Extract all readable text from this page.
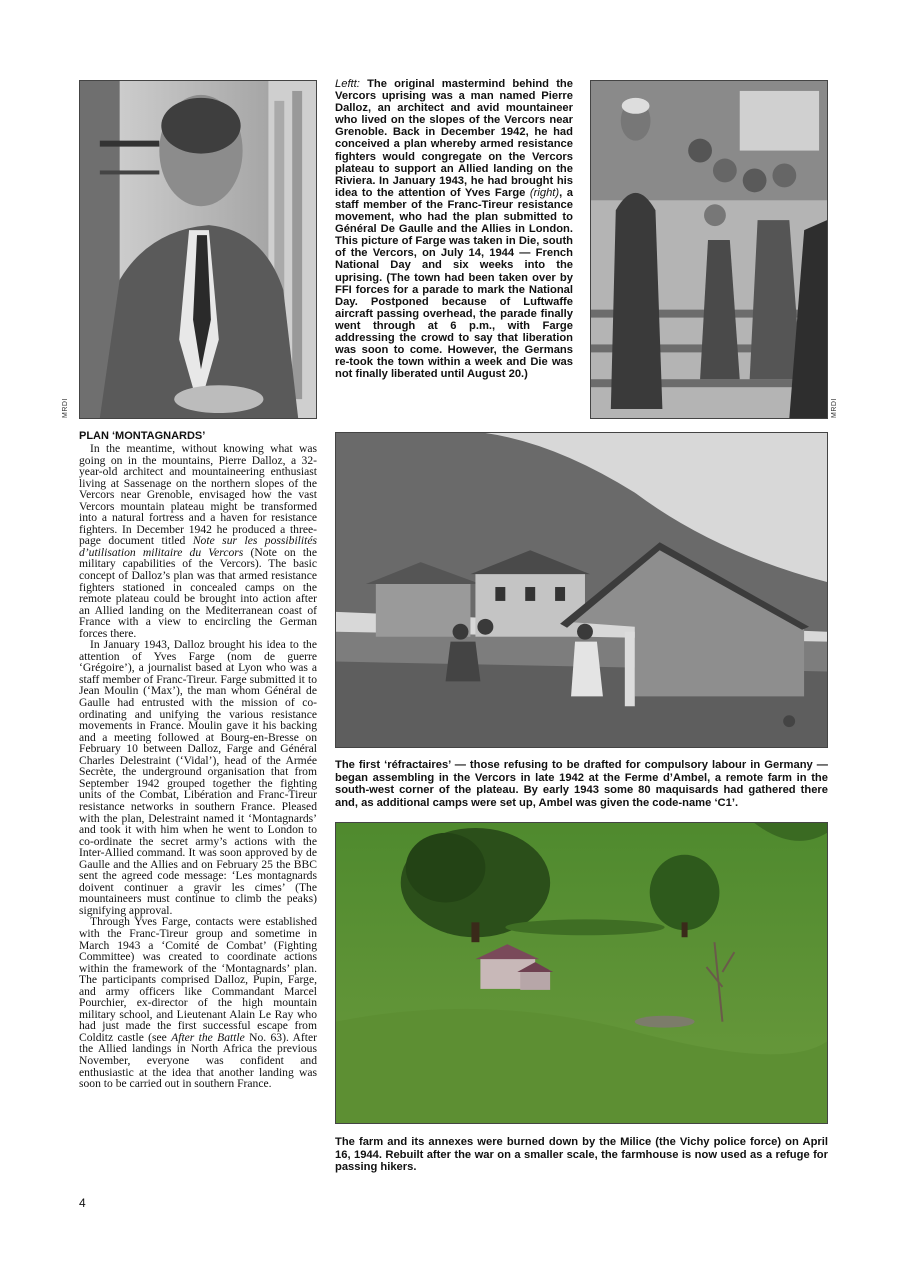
MRDI

Leftt: The original mastermind behind the Vercors uprising was a man named Pierre Dalloz, an architect and avid mountaineer who lived on the slopes of the Vercors near Grenoble. Back in December 1942, he had conceived a plan whereby armed resistance fighters would congregate on the Vercors plateau to support an Allied landing on the Riviera. In January 1943, he had brought his idea to the attention of Yves Farge (right), a staff member of the Franc-Tireur resistance movement, who had the plan submitted to Général De Gaulle and the Allies in London. This picture of Farge was taken in Die, south of the Vercors, on July 14, 1944 — French National Day and six weeks into the uprising. (The town had been taken over by FFI forces for a parade to mark the National Day. Postponed because of Luftwaffe aircraft passing overhead, the parade finally went through at 6 p.m., with Farge addressing the crowd to say that liberation was soon to come. However, the Germans re-took the town within a week and Die was not finally liberated until August 20.)

MRDI
PLAN ‘MONTAGNARDS’

In the meantime, without knowing what was going on in the mountains, Pierre Dalloz, a 32-year-old architect and mountaineering enthusiast living at Sassenage on the northern slopes of the Vercors near Grenoble, envisaged how the vast Vercors mountain plateau might be transformed into a natural fortress and a haven for resistance fighters. In December 1942 he produced a three-page document titled Note sur les possibilités d’utilisation militaire du Vercors (Note on the military capabilities of the Vercors). The basic concept of Dalloz’s plan was that armed resistance fighters stationed in concealed camps on the remote plateau could be brought into action after an Allied landing on the Mediterranean coast of France with a view to encircling the German forces there.

In January 1943, Dalloz brought his idea to the attention of Yves Farge (nom de guerre ‘Grégoire’), a journalist based at Lyon who was a staff member of Franc-Tireur. Farge submitted it to Jean Moulin (‘Max’), the man whom Général de Gaulle had entrusted with the mission of co-ordinating and unifying the various resistance movements in France. Moulin gave it his backing and a meeting followed at Bourg-en-Bresse on February 10 between Dalloz, Farge and Général Charles Delestraint (‘Vidal’), head of the Armée Secrète, the underground organisation that from September 1942 grouped together the fighting units of the Combat, Libération and Franc-Tireur resistance networks in southern France. Pleased with the plan, Delestraint named it ‘Montagnards’ and took it with him when he went to London to co-ordinate the secret army’s actions with the Inter-Allied command. It was soon approved by de Gaulle and the Allies and on February 25 the BBC sent the agreed code message: ‘Les montagnards doivent continuer a gravir les cimes’ (The mountaineers must continue to climb the peaks) signifying approval.

Through Yves Farge, contacts were established with the Franc-Tireur group and sometime in March 1943 a ‘Comité de Combat’ (Fighting Committee) was created to coordinate actions within the framework of the ‘Montagnards’ plan. The participants comprised Dalloz, Pupin, Farge, and army officers like Commandant Marcel Pourchier, ex-director of the high mountain military school, and Lieutenant Alain Le Ray who had just made the first successful escape from Colditz castle (see After the Battle No. 63). After the Allied landings in North Africa the previous November, everyone was confident and enthusiastic at the idea that another landing was soon to be carried out in southern France.

The first ‘réfractaires’ — those refusing to be drafted for compulsory labour in Germany — began assembling in the Vercors in late 1942 at the Ferme d’Ambel, a remote farm in the south-west corner of the plateau. By early 1943 some 80 maquisards had gathered there and, as additional camps were set up, Ambel was given the code-name ‘C1’.

The farm and its annexes were burned down by the Milice (the Vichy police force) on April 16, 1944. Rebuilt after the war on a smaller scale, the farmhouse is now used as a refuge for passing hikers.

4
